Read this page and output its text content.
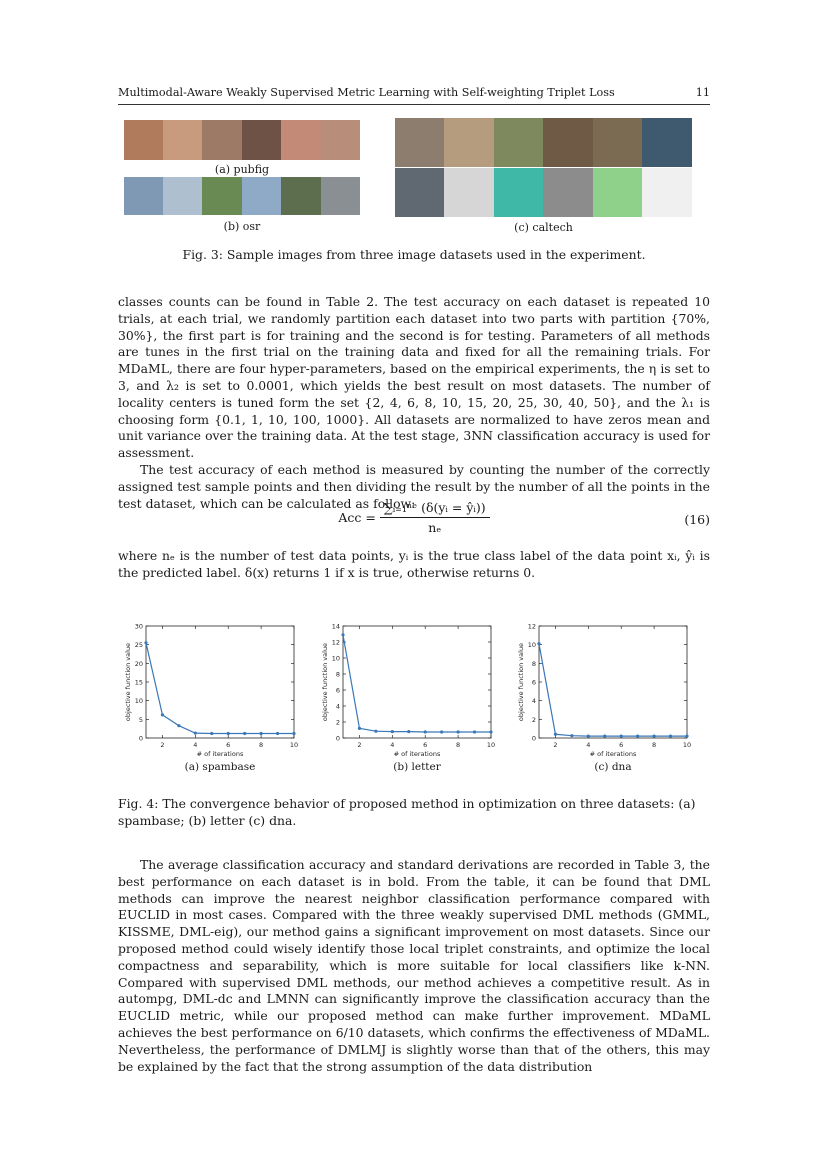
Multimodal-Aware Weakly Supervised Metric Learning with Self-weighting Triplet Loss	11
(a) pubfig
(b) osr	(c) caltech
Fig. 3: Sample images from three image datasets used in the experiment.

classes counts can be found in Table 2. The test accuracy on each dataset is repeated 10 trials, at each trial, we randomly partition each dataset into two parts with partition {70%, 30%}, the first part is for training and the second is for testing. Parameters of all methods are tunes in the first trial on the training data and fixed for all the remaining trials. For MDaML, there are four hyper-parameters, based on the empirical experiments, the η is set to 3, and λ₂ is set to 0.0001, which yields the best result on most datasets. The number of locality centers is tuned form the set {2, 4, 6, 8, 10, 15, 20, 25, 30, 40, 50}, and the λ₁ is choosing form {0.1, 1, 10, 100, 1000}. All datasets are normalized to have zeros mean and unit variance over the training data. At the test stage, 3NN classification accuracy is used for assessment.

The test accuracy of each method is measured by counting the number of the correctly assigned test sample points and then dividing the result by the number of all the points in the test dataset, which can be calculated as follow:

Acc = $\frac{\text{∑ᵢ₌₁ⁿᵉ (δ(yᵢ = ŷᵢ))}}{\text{nₑ}}$	(16)

where nₑ is the number of test data points, yᵢ is the true class label of the data point xᵢ, ŷᵢ is the predicted label. δ(x) returns 1 if x is true, otherwise returns 0.

0
5
10
15
20
25
30
2	4	6	8	10
# of iterations
objective function value
(a) spambase
0
2
4
6
8
10
12
14
2	4	6	8	10
# of iterations
objective function value
(b) letter
0
2
4
6
8
10
12
2	4	6	8	10
# of iterations
objective function value
(c) dna
Fig. 4: The convergence behavior of proposed method in optimization on three datasets: (a) spambase; (b) letter (c) dna.

The average classification accuracy and standard derivations are recorded in Table 3, the best performance on each dataset is in bold. From the table, it can be found that DML methods can improve the nearest neighbor classification performance compared with EUCLID in most cases. Compared with the three weakly supervised DML methods (GMML, KISSME, DML-eig), our method gains a significant improvement on most datasets. Since our proposed method could wisely identify those local triplet constraints, and optimize the local compactness and separability, which is more suitable for local classifiers like k-NN. Compared with supervised DML methods, our method achieves a competitive result. As in autompg, DML-dc and LMNN can significantly improve the classification accuracy than the EUCLID metric, while our proposed method can make further improvement. MDaML achieves the best performance on 6/10 datasets, which confirms the effectiveness of MDaML. Nevertheless, the performance of DMLMJ is slightly worse than that of the others, this may be explained by the fact that the strong assumption of the data distribution
